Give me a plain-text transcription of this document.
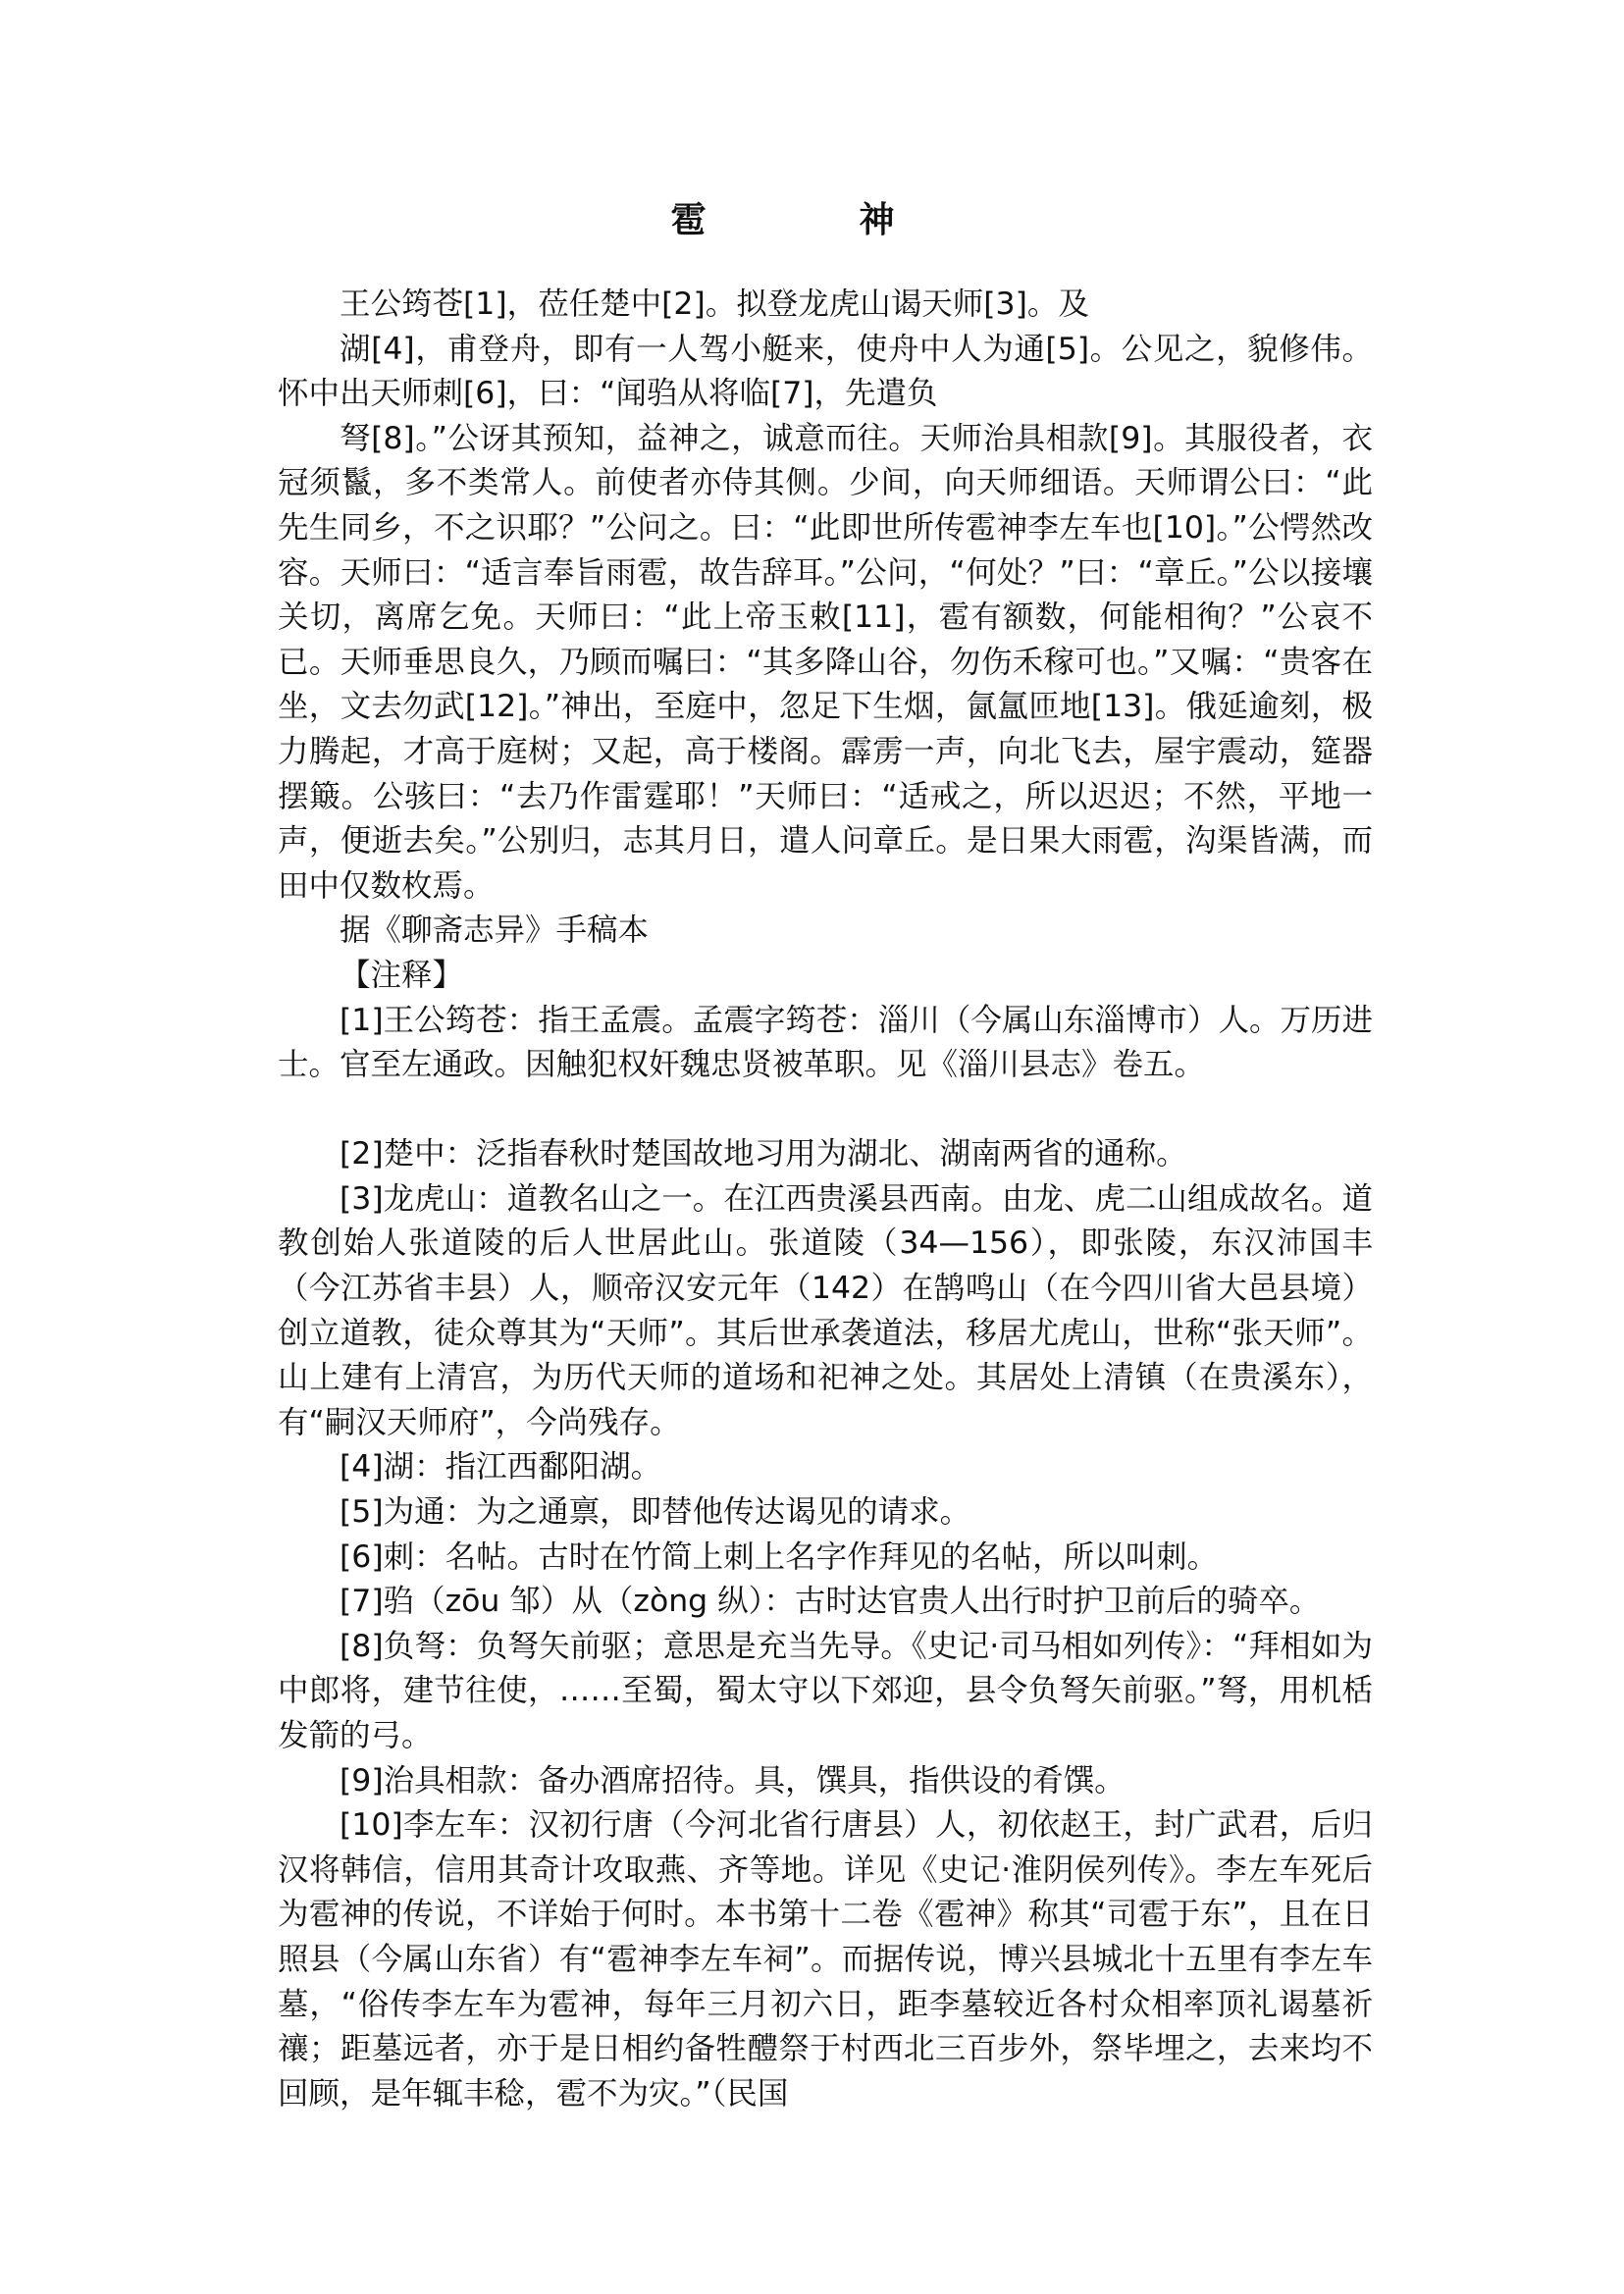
雹　神

王公筠苍[1]，莅任楚中[2]。拟登龙虎山谒天师[3]。及

湖[4]，甫登舟，即有一人驾小艇来，使舟中人为通[5]。公见之，貌修伟。怀中出天师刺[6]，曰：“闻驺从将临[7]，先遣负

弩[8]。”公讶其预知，益神之，诚意而往。天师治具相款[9]。其服役者，衣冠须鬣，多不类常人。前使者亦侍其侧。少间，向天师细语。天师谓公曰：“此先生同乡，不之识耶？”公问之。曰：“此即世所传雹神李左车也[10]。”公愕然改容。天师曰：“适言奉旨雨雹，故告辞耳。”公问，“何处？”曰：“章丘。”公以接壤关切，离席乞免。天师曰：“此上帝玉敕[11]，雹有额数，何能相徇？”公哀不已。天师垂思良久，乃顾而嘱曰：“其多降山谷，勿伤禾稼可也。”又嘱：“贵客在坐，文去勿武[12]。”神出，至庭中，忽足下生烟，氤氲匝地[13]。俄延逾刻，极力腾起，才高于庭树；又起，高于楼阁。霹雳一声，向北飞去，屋宇震动，筵器摆簸。公骇曰：“去乃作雷霆耶！”天师曰：“适戒之，所以迟迟；不然，平地一声，便逝去矣。”公别归，志其月日，遣人问章丘。是日果大雨雹，沟渠皆满，而田中仅数枚焉。

据《聊斋志异》手稿本

【注释】

[1]王公筠苍：指王孟震。孟震字筠苍：淄川（今属山东淄博市）人。万历进士。官至左通政。因触犯权奸魏忠贤被革职。见《淄川县志》卷五。

[2]楚中：泛指春秋时楚国故地习用为湖北、湖南两省的通称。

[3]龙虎山：道教名山之一。在江西贵溪县西南。由龙、虎二山组成故名。道教创始人张道陵的后人世居此山。张道陵（34—156），即张陵，东汉沛国丰（今江苏省丰县）人，顺帝汉安元年（142）在鹄鸣山（在今四川省大邑县境）创立道教，徒众尊其为“天师”。其后世承袭道法，移居尤虎山，世称“张天师”。山上建有上清宫，为历代天师的道场和祀神之处。其居处上清镇（在贵溪东），有“嗣汉天师府”，今尚残存。

[4]湖：指江西鄱阳湖。

[5]为通：为之通禀，即替他传达谒见的请求。

[6]刺：名帖。古时在竹简上刺上名字作拜见的名帖，所以叫刺。

[7]驺（zōu 邹）从（zòng 纵）：古时达官贵人出行时护卫前后的骑卒。

[8]负弩：负弩矢前驱；意思是充当先导。《史记·司马相如列传》：“拜相如为中郎将，建节往使，……至蜀，蜀太守以下郊迎，县令负弩矢前驱。”弩，用机栝发箭的弓。

[9]治具相款：备办酒席招待。具，馔具，指供设的肴馔。

[10]李左车：汉初行唐（今河北省行唐县）人，初依赵王，封广武君，后归汉将韩信，信用其奇计攻取燕、齐等地。详见《史记·淮阴侯列传》。李左车死后为雹神的传说，不详始于何时。本书第十二卷《雹神》称其“司雹于东”，且在日照县（今属山东省）有“雹神李左车祠”。而据传说，博兴县城北十五里有李左车墓，“俗传李左车为雹神，每年三月初六日，距李墓较近各村众相率顶礼谒墓祈禳；距墓远者，亦于是日相约备牲醴祭于村西北三百步外，祭毕埋之，去来均不回顾，是年辄丰稔，雹不为灾。”（民国
